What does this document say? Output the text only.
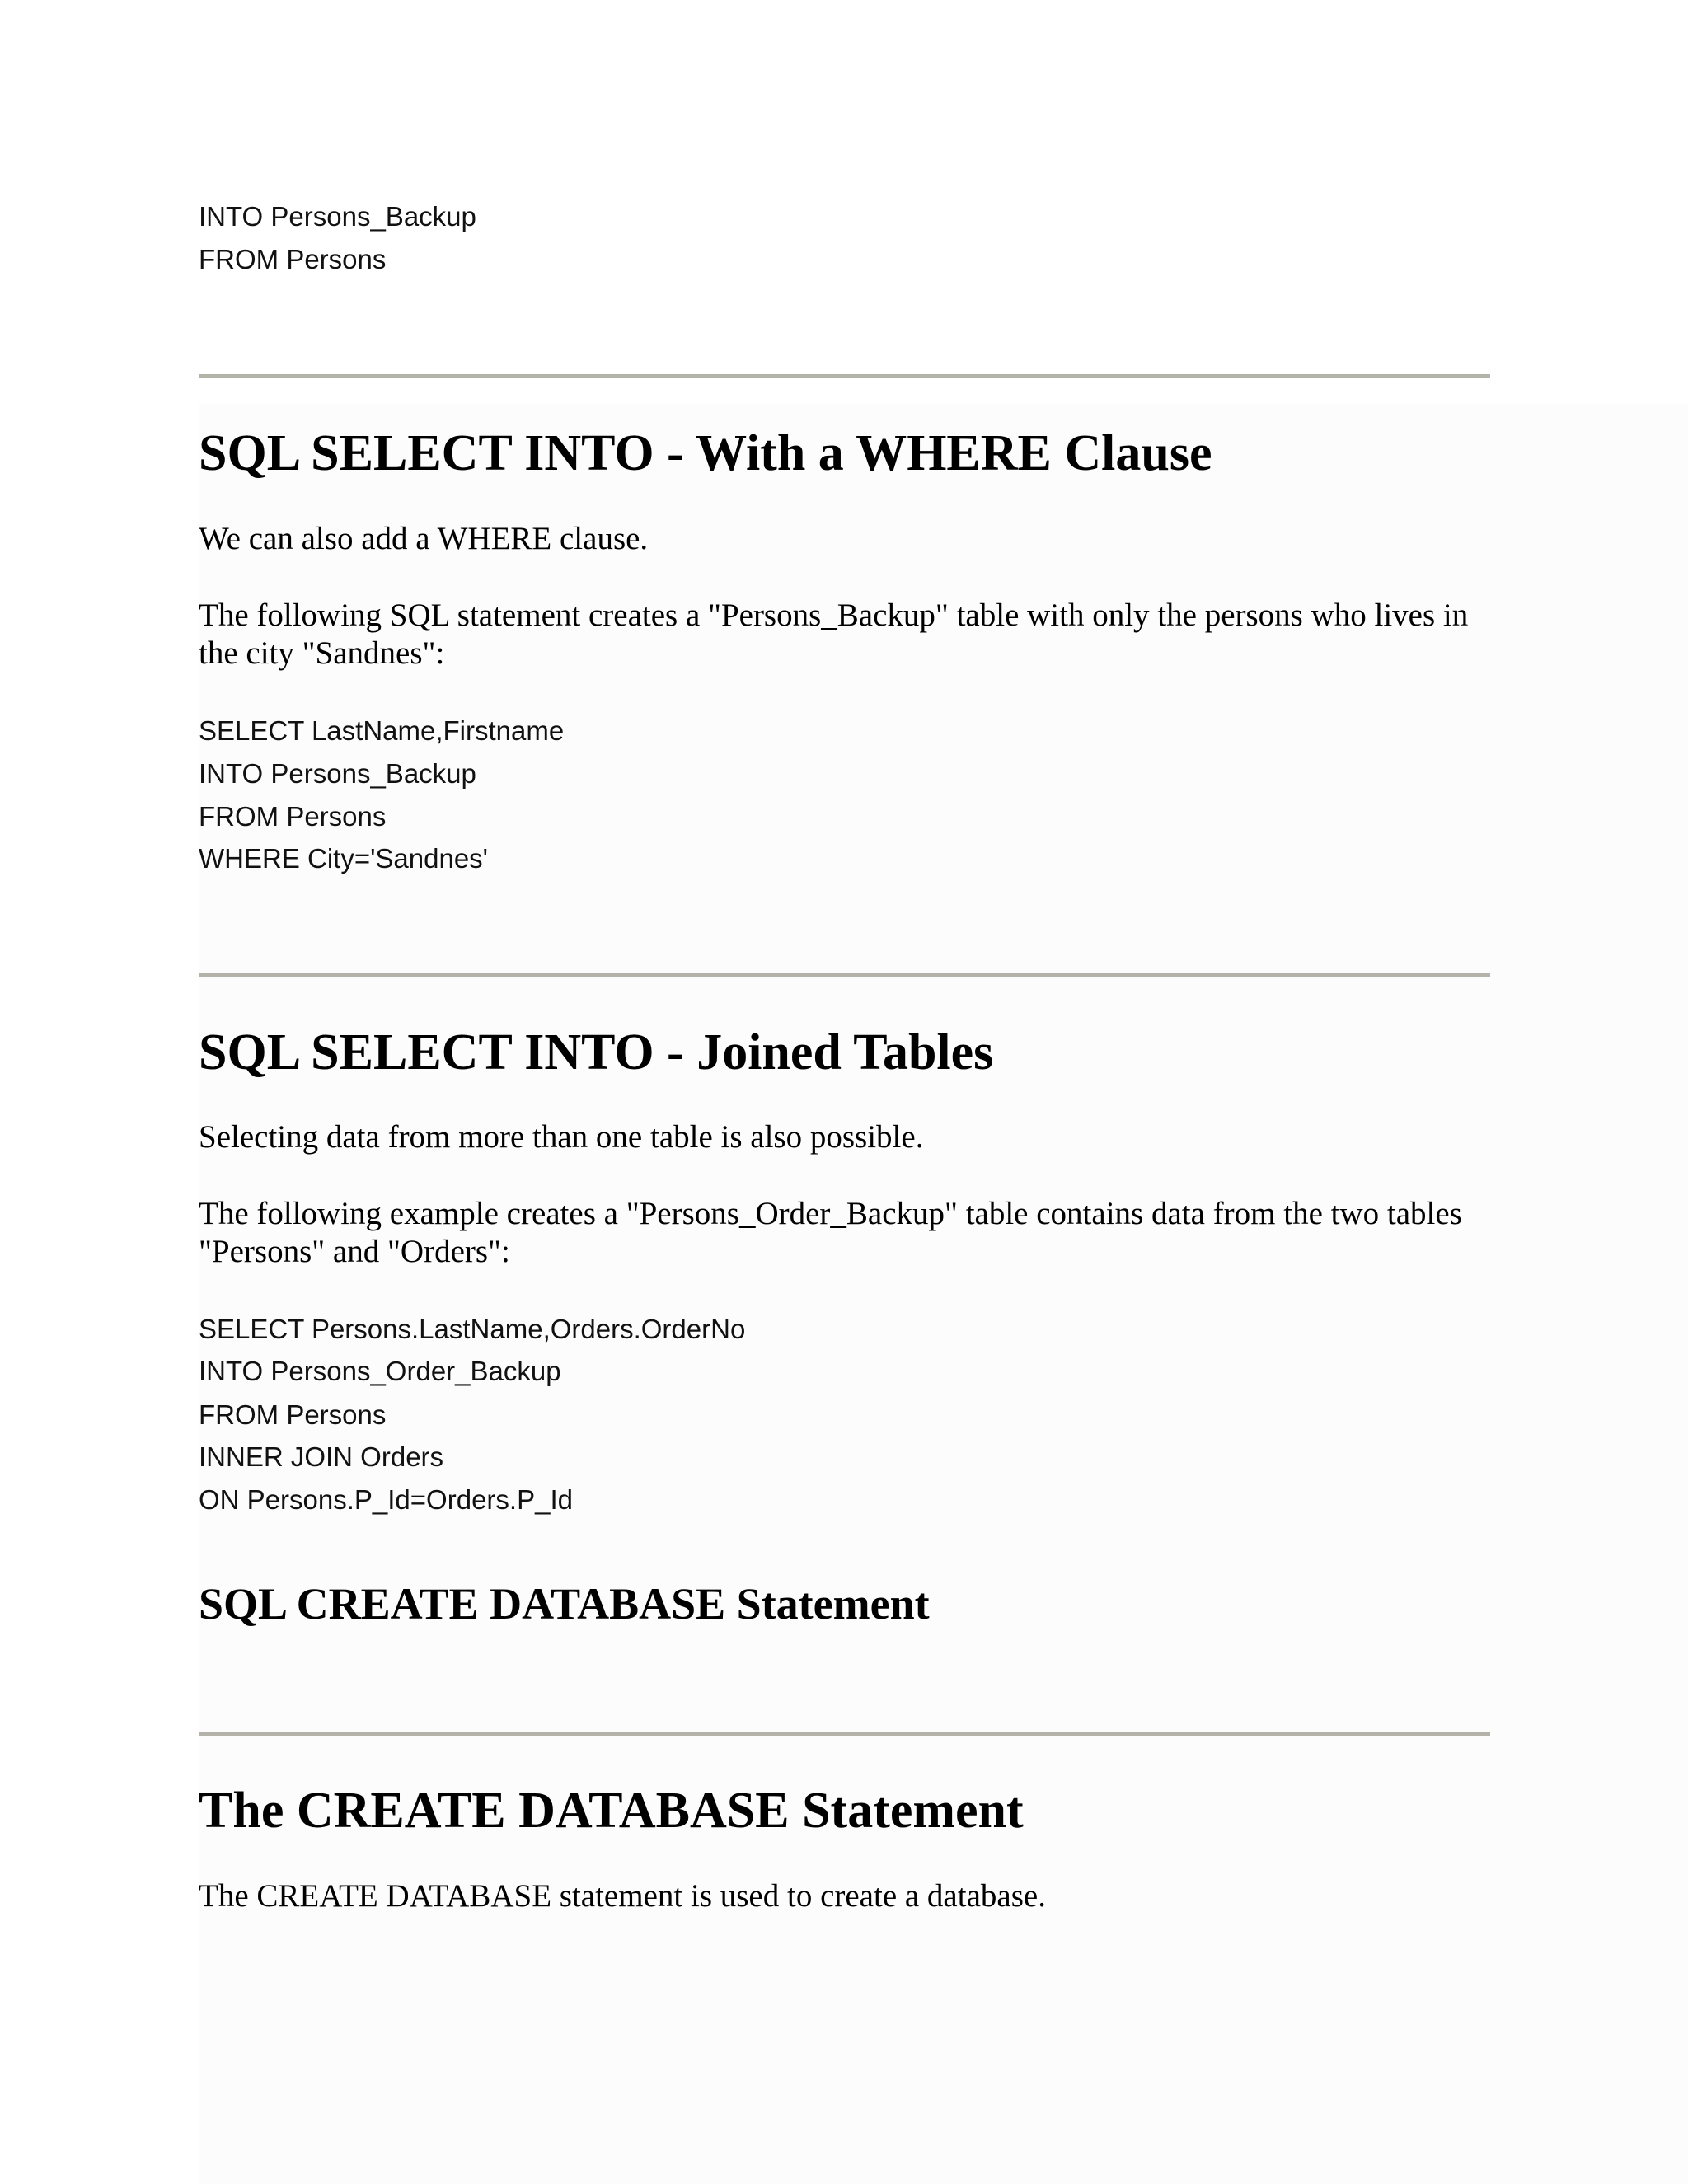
INTO Persons_Backup
FROM Persons
SQL SELECT INTO - With a WHERE Clause

We can also add a WHERE clause.

The following SQL statement creates a "Persons_Backup" table with only the persons who lives in the city "Sandnes":

SELECT LastName,Firstname
INTO Persons_Backup
FROM Persons
WHERE City='Sandnes'
SQL SELECT INTO - Joined Tables

Selecting data from more than one table is also possible.

The following example creates a "Persons_Order_Backup" table contains data from the two tables "Persons" and "Orders":

SELECT Persons.LastName,Orders.OrderNo
INTO Persons_Order_Backup
FROM Persons
INNER JOIN Orders
ON Persons.P_Id=Orders.P_Id
SQL CREATE DATABASE Statement
The CREATE DATABASE Statement

The CREATE DATABASE statement is used to create a database.
